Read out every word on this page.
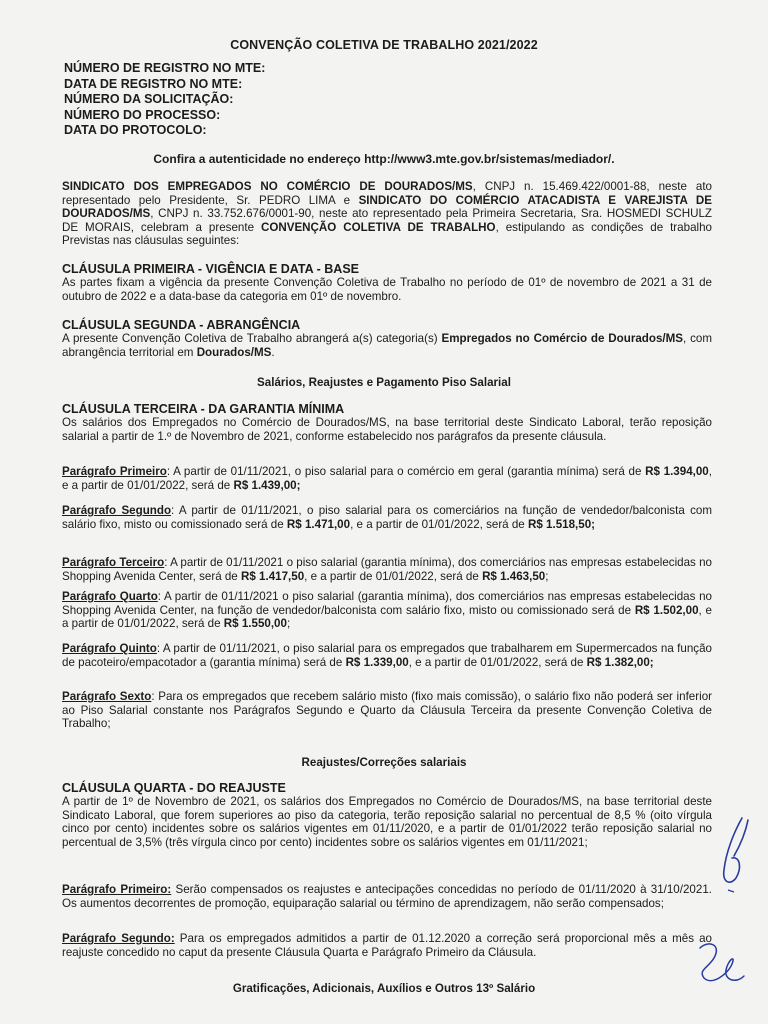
CONVENÇÃO COLETIVA DE TRABALHO 2021/2022
NÚMERO DE REGISTRO NO MTE:
DATA DE REGISTRO NO MTE:
NÚMERO DA SOLICITAÇÃO:
NÚMERO DO PROCESSO:
DATA DO PROTOCOLO:
Confira a autenticidade no endereço http://www3.mte.gov.br/sistemas/mediador/.
SINDICATO DOS EMPREGADOS NO COMÉRCIO DE DOURADOS/MS, CNPJ n. 15.469.422/0001-88, neste ato representado pelo Presidente, Sr. PEDRO LIMA e SINDICATO DO COMÉRCIO ATACADISTA E VAREJISTA DE DOURADOS/MS, CNPJ n. 33.752.676/0001-90, neste ato representado pela Primeira Secretaria, Sra. HOSMEDI SCHULZ DE MORAIS, celebram a presente CONVENÇÃO COLETIVA DE TRABALHO, estipulando as condições de trabalho Previstas nas cláusulas seguintes:
CLÁUSULA PRIMEIRA - VIGÊNCIA E DATA - BASE
As partes fixam a vigência da presente Convenção Coletiva de Trabalho no período de 01º de novembro de 2021 a 31 de outubro de 2022 e a data-base da categoria em 01º de novembro.
CLÁUSULA SEGUNDA - ABRANGÊNCIA
A presente Convenção Coletiva de Trabalho abrangerá a(s) categoria(s) Empregados no Comércio de Dourados/MS, com abrangência territorial em Dourados/MS.
Salários, Reajustes e Pagamento Piso Salarial
CLÁUSULA TERCEIRA - DA GARANTIA MÍNIMA
Os salários dos Empregados no Comércio de Dourados/MS, na base territorial deste Sindicato Laboral, terão reposição salarial a partir de 1.º de Novembro de 2021, conforme estabelecido nos parágrafos da presente cláusula.
Parágrafo Primeiro: A partir de 01/11/2021, o piso salarial para o comércio em geral (garantia mínima) será de R$ 1.394,00, e a partir de 01/01/2022, será de R$ 1.439,00;
Parágrafo Segundo: A partir de 01/11/2021, o piso salarial para os comerciários na função de vendedor/balconista com salário fixo, misto ou comissionado será de R$ 1.471,00, e a partir de 01/01/2022, será de R$ 1.518,50;
Parágrafo Terceiro: A partir de 01/11/2021 o piso salarial (garantia mínima), dos comerciários nas empresas estabelecidas no Shopping Avenida Center, será de R$ 1.417,50, e a partir de 01/01/2022, será de R$ 1.463,50;
Parágrafo Quarto: A partir de 01/11/2021 o piso salarial (garantia mínima), dos comerciários nas empresas estabelecidas no Shopping Avenida Center, na função de vendedor/balconista com salário fixo, misto ou comissionado será de R$ 1.502,00, e a partir de 01/01/2022, será de R$ 1.550,00;
Parágrafo Quinto: A partir de 01/11/2021, o piso salarial para os empregados que trabalharem em Supermercados na função de pacoteiro/empacotador a (garantia mínima) será de R$ 1.339,00, e a partir de 01/01/2022, será de R$ 1.382,00;
Parágrafo Sexto: Para os empregados que recebem salário misto (fixo mais comissão), o salário fixo não poderá ser inferior ao Piso Salarial constante nos Parágrafos Segundo e Quarto da Cláusula Terceira da presente Convenção Coletiva de Trabalho;
Reajustes/Correções salariais
CLÁUSULA QUARTA - DO REAJUSTE
A partir de 1º de Novembro de 2021, os salários dos Empregados no Comércio de Dourados/MS, na base territorial deste Sindicato Laboral, que forem superiores ao piso da categoria, terão reposição salarial no percentual de 8,5 % (oito vírgula cinco por cento) incidentes sobre os salários vigentes em 01/11/2020, e a partir de 01/01/2022 terão reposição salarial no percentual de 3,5% (três vírgula cinco por cento) incidentes sobre os salários vigentes em 01/11/2021;
Parágrafo Primeiro: Serão compensados os reajustes e antecipações concedidas no período de 01/11/2020 à 31/10/2021. Os aumentos decorrentes de promoção, equiparação salarial ou término de aprendizagem, não serão compensados;
Parágrafo Segundo: Para os empregados admitidos a partir de 01.12.2020 a correção será proporcional mês a mês ao reajuste concedido no caput da presente Cláusula Quarta e Parágrafo Primeiro da Cláusula.
Gratificações, Adicionais, Auxílios e Outros 13º Salário
